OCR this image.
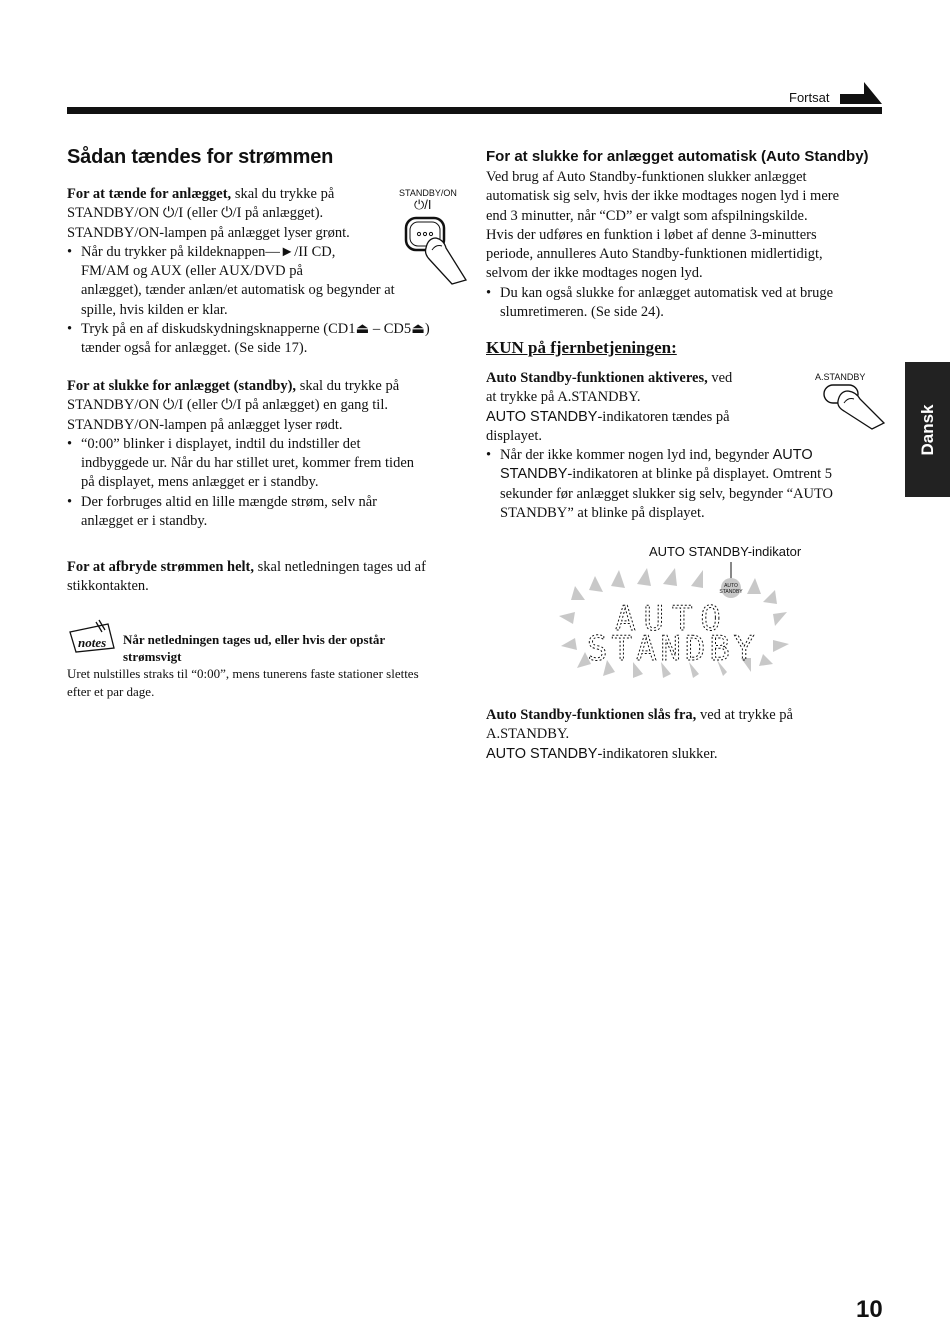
Fortsat
Dansk
Sådan tændes for strømmen
STANDBY/ON
⏻/I

For at tænde for anlægget, skal du trykke på

STANDBY/ON ⏻/I (eller ⏻/I på anlægget).

STANDBY/ON-lampen på anlægget lyser grønt.

• Når du trykker på kildeknappen—►/II CD,

FM/AM og AUX (eller AUX/DVD på

anlægget), tænder anlæn/et automatisk og begynder at

spille, hvis kilden er klar.

• Tryk på en af diskudskydningsknapperne (CD1⏏ – CD5⏏)

tænder også for anlægget. (Se side 17).

For at slukke for anlægget (standby), skal du trykke på

STANDBY/ON ⏻/I (eller ⏻/I på anlægget) en gang til.

STANDBY/ON-lampen på anlægget lyser rødt.

• “0:00” blinker i displayet, indtil du indstiller det

indbyggede ur. Når du har stillet uret, kommer frem tiden

på displayet, mens anlægget er i standby.

• Der forbruges altid en lille mængde strøm, selv når

anlægget er i standby.

For at afbryde strømmen helt, skal netledningen tages ud af

stikkontakten.

notes Når netledningen tages ud, eller hvis der opstår

strømsvigt

Uret nulstilles straks til “0:00”, mens tunerens faste stationer slettes

efter et par dage.

For at slukke for anlægget automatisk (Auto Standby)

Ved brug af Auto Standby-funktionen slukker anlægget

automatisk sig selv, hvis der ikke modtages nogen lyd i mere

end 3 minutter, når “CD” er valgt som afspilningskilde.

Hvis der udføres en funktion i løbet af denne 3-minutters

periode, annulleres Auto Standby-funktionen midlertidigt,

selvom der ikke modtages nogen lyd.

• Du kan også slukke for anlægget automatisk ved at bruge

slumretimeren. (Se side 24).

KUN på fjernbetjeningen:
A.STANDBY

Auto Standby-funktionen aktiveres, ved

at trykke på A.STANDBY.

AUTO STANDBY-indikatoren tændes på

displayet.

• Når der ikke kommer nogen lyd ind, begynder AUTO

STANDBY-indikatoren at blinke på displayet. Omtrent 5

sekunder før anlægget slukker sig selv, begynder “AUTO

STANDBY” at blinke på displayet.

AUTO STANDBY-indikator
AUTO
STANDBY
AUTO
STANDBY

Auto Standby-funktionen slås fra, ved at trykke på

A.STANDBY.

AUTO STANDBY-indikatoren slukker.

10
